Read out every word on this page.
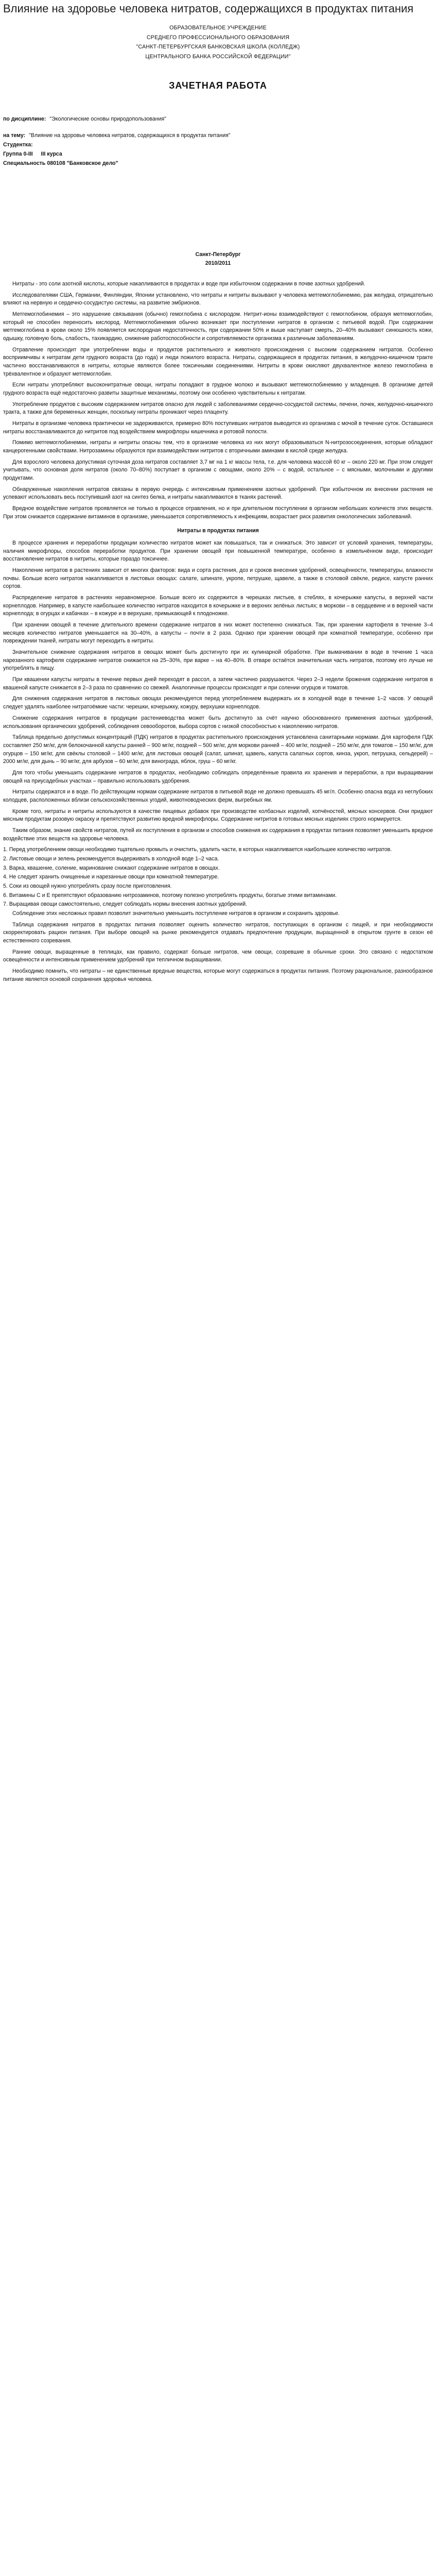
Влияние на здоровье человека нитратов, содержащихся в продуктах питания

ОБРАЗОВАТЕЛЬНОЕ УЧРЕЖДЕНИЕ

СРЕДНЕГО ПРОФЕССИОНАЛЬНОГО ОБРАЗОВАНИЯ

"САНКТ-ПЕТЕРБУРГСКАЯ БАНКОВСКАЯ ШКОЛА (КОЛЛЕДЖ)

ЦЕНТРАЛЬНОГО БАНКА РОССИЙСКОЙ ФЕДЕРАЦИИ"

ЗАЧЕТНАЯ РАБОТА

по дисциплине: "Экологические основы природопользования"

на тему: "Влияние на здоровье человека нитратов, содержащихся в продуктах питания"

Студентка:

Группа 0-III III курса

Специальность 080108 "Банковское дело"

Санкт-Петербург

2010/2011

Нитраты - это соли азотной кислоты, которые накапливаются в продуктах и воде при избыточном содержании в почве азотных удобрений.

Исследователями США, Германии, Финляндии, Японии установлено, что нитраты и нитриты вызывают у человека метгемоглобинемию, рак желудка, отрицательно влияют на нервную и сердечно-сосудистую системы, на развитие эмбрионов.

Метгемоглобинемия – это нарушение связывания (обычно) гемоглобина с кислородом. Нитрит-ионы взаимодействуют с гемоглобином, образуя метгемоглобин, который не способен переносить кислород. Метгемоглобинемия обычно возникает при поступлении нитратов в организм с питьевой водой. При содержании метгемоглобина в крови около 15% появляется кислородная недостаточность, при содержании 50% и выше наступает смерть, 20–40% вызывают синюшность кожи, одышку, головную боль, слабость, тахикардию, снижение работоспособности и сопротивляемости организма к различным заболеваниям.

Отравление происходит при употреблении воды и продуктов растительного и животного происхождения с высоким содержанием нитратов. Особенно восприимчивы к нитратам дети грудного возраста (до года) и люди пожилого возраста. Нитраты, содержащиеся в продуктах питания, в желудочно-кишечном тракте частично восстанавливаются в нитриты, которые являются более токсичными соединениями. Нитриты в крови окисляют двухвалентное железо гемоглобина в трёхвалентное и образуют метгемоглобин.

Если нитраты употребляют высоконитратные овощи, нитраты попадают в грудное молоко и вызывают метгемоглобинемию у младенцев. В организме детей грудного возраста ещё недостаточно развиты защитные механизмы, поэтому они особенно чувствительны к нитратам.

Употребление продуктов с высоким содержанием нитратов опасно для людей с заболеваниями сердечно-сосудистой системы, печени, почек, желудочно-кишечного тракта, а также для беременных женщин, поскольку нитраты проникают через плаценту.

Нитраты в организме человека практически не задерживаются, примерно 80% поступивших нитратов выводится из организма с мочой в течение суток. Оставшиеся нитраты восстанавливаются до нитритов под воздействием микрофлоры кишечника и ротовой полости.

Помимо метгемоглобинемии, нитраты и нитриты опасны тем, что в организме человека из них могут образовываться N-нитрозосоединения, которые обладают канцерогенными свойствами. Нитрозамины образуются при взаимодействии нитритов с вторичными аминами в кислой среде желудка.

Для взрослого человека допустимая суточная доза нитратов составляет 3,7 мг на 1 кг массы тела, т.е. для человека массой 60 кг – около 220 мг. При этом следует учитывать, что основная доля нитратов (около 70–80%) поступает в организм с овощами, около 20% – с водой, остальное – с мясными, молочными и другими продуктами.

Обнаруженные накопления нитратов связаны в первую очередь с интенсивным применением азотных удобрений. При избыточном их внесении растения не успевают использовать весь поступивший азот на синтез белка, и нитраты накапливаются в тканях растений.

Вредное воздействие нитратов проявляется не только в процессе отравления, но и при длительном поступлении в организм небольших количеств этих веществ. При этом снижается содержание витаминов в организме, уменьшается сопротивляемость к инфекциям, возрастает риск развития онкологических заболеваний.

Нитраты в продуктах питания

В процессе хранения и переработки продукции количество нитратов может как повышаться, так и снижаться. Это зависит от условий хранения, температуры, наличия микрофлоры, способов переработки продуктов. При хранении овощей при повышенной температуре, особенно в измельчённом виде, происходит восстановление нитратов в нитриты, которые гораздо токсичнее.

Накопление нитратов в растениях зависит от многих факторов: вида и сорта растения, доз и сроков внесения удобрений, освещённости, температуры, влажности почвы. Больше всего нитратов накапливается в листовых овощах: салате, шпинате, укропе, петрушке, щавеле, а также в столовой свёкле, редисе, капусте ранних сортов.

Распределение нитратов в растениях неравномерное. Больше всего их содержится в черешках листьев, в стеблях, в кочерыжке капусты, в верхней части корнеплодов. Например, в капусте наибольшее количество нитратов находится в кочерыжке и в верхних зелёных листьях; в моркови – в сердцевине и в верхней части корнеплода; в огурцах и кабачках – в кожуре и в верхушке, примыкающей к плодоножке.

При хранении овощей в течение длительного времени содержание нитратов в них может постепенно снижаться. Так, при хранении картофеля в течение 3–4 месяцев количество нитратов уменьшается на 30–40%, а капусты – почти в 2 раза. Однако при хранении овощей при комнатной температуре, особенно при повреждении тканей, нитраты могут переходить в нитриты.

Значительное снижение содержания нитратов в овощах может быть достигнуто при их кулинарной обработке. При вымачивании в воде в течение 1 часа нарезанного картофеля содержание нитратов снижается на 25–30%, при варке – на 40–80%. В отваре остаётся значительная часть нитратов, поэтому его лучше не употреблять в пищу.

При квашении капусты нитраты в течение первых дней переходят в рассол, а затем частично разрушаются. Через 2–3 недели брожения содержание нитратов в квашеной капусте снижается в 2–3 раза по сравнению со свежей. Аналогичные процессы происходят и при солении огурцов и томатов.

Для снижения содержания нитратов в листовых овощах рекомендуется перед употреблением выдержать их в холодной воде в течение 1–2 часов. У овощей следует удалять наиболее нитратоёмкие части: черешки, кочерыжку, кожуру, верхушки корнеплодов.

Снижение содержания нитратов в продукции растениеводства может быть достигнуто за счёт научно обоснованного применения азотных удобрений, использования органических удобрений, соблюдения севооборотов, выбора сортов с низкой способностью к накоплению нитратов.

Таблица предельно допустимых концентраций (ПДК) нитратов в продуктах растительного происхождения установлена санитарными нормами. Для картофеля ПДК составляет 250 мг/кг, для белокочанной капусты ранней – 900 мг/кг, поздней – 500 мг/кг, для моркови ранней – 400 мг/кг, поздней – 250 мг/кг, для томатов – 150 мг/кг, для огурцов – 150 мг/кг, для свёклы столовой – 1400 мг/кг, для листовых овощей (салат, шпинат, щавель, капуста салатных сортов, кинза, укроп, петрушка, сельдерей) – 2000 мг/кг, для дынь – 90 мг/кг, для арбузов – 60 мг/кг, для винограда, яблок, груш – 60 мг/кг.

Для того чтобы уменьшить содержание нитратов в продуктах, необходимо соблюдать определённые правила их хранения и переработки, а при выращивании овощей на приусадебных участках – правильно использовать удобрения.

Нитраты содержатся и в воде. По действующим нормам содержание нитратов в питьевой воде не должно превышать 45 мг/л. Особенно опасна вода из неглубоких колодцев, расположенных вблизи сельскохозяйственных угодий, животноводческих ферм, выгребных ям.

Кроме того, нитраты и нитриты используются в качестве пищевых добавок при производстве колбасных изделий, копчёностей, мясных консервов. Они придают мясным продуктам розовую окраску и препятствуют развитию вредной микрофлоры. Содержание нитритов в готовых мясных изделиях строго нормируется.

Таким образом, знание свойств нитратов, путей их поступления в организм и способов снижения их содержания в продуктах питания позволяет уменьшить вредное воздействие этих веществ на здоровье человека.

1. Перед употреблением овощи необходимо тщательно промыть и очистить, удалить части, в которых накапливается наибольшее количество нитратов.

2. Листовые овощи и зелень рекомендуется выдерживать в холодной воде 1–2 часа.

3. Варка, квашение, соление, маринование снижают содержание нитратов в овощах.

4. Не следует хранить очищенные и нарезанные овощи при комнатной температуре.

5. Соки из овощей нужно употреблять сразу после приготовления.

6. Витамины С и Е препятствуют образованию нитрозаминов, поэтому полезно употреблять продукты, богатые этими витаминами.

7. Выращивая овощи самостоятельно, следует соблюдать нормы внесения азотных удобрений.

Соблюдение этих несложных правил позволит значительно уменьшить поступление нитратов в организм и сохранить здоровье.

Таблица содержания нитратов в продуктах питания позволяет оценить количество нитратов, поступающих в организм с пищей, и при необходимости скорректировать рацион питания. При выборе овощей на рынке рекомендуется отдавать предпочтение продукции, выращенной в открытом грунте в сезон её естественного созревания.

Ранние овощи, выращенные в теплицах, как правило, содержат больше нитратов, чем овощи, созревшие в обычные сроки. Это связано с недостатком освещённости и интенсивным применением удобрений при тепличном выращивании.

Необходимо помнить, что нитраты – не единственные вредные вещества, которые могут содержаться в продуктах питания. Поэтому рациональное, разнообразное питание является основой сохранения здоровья человека.
